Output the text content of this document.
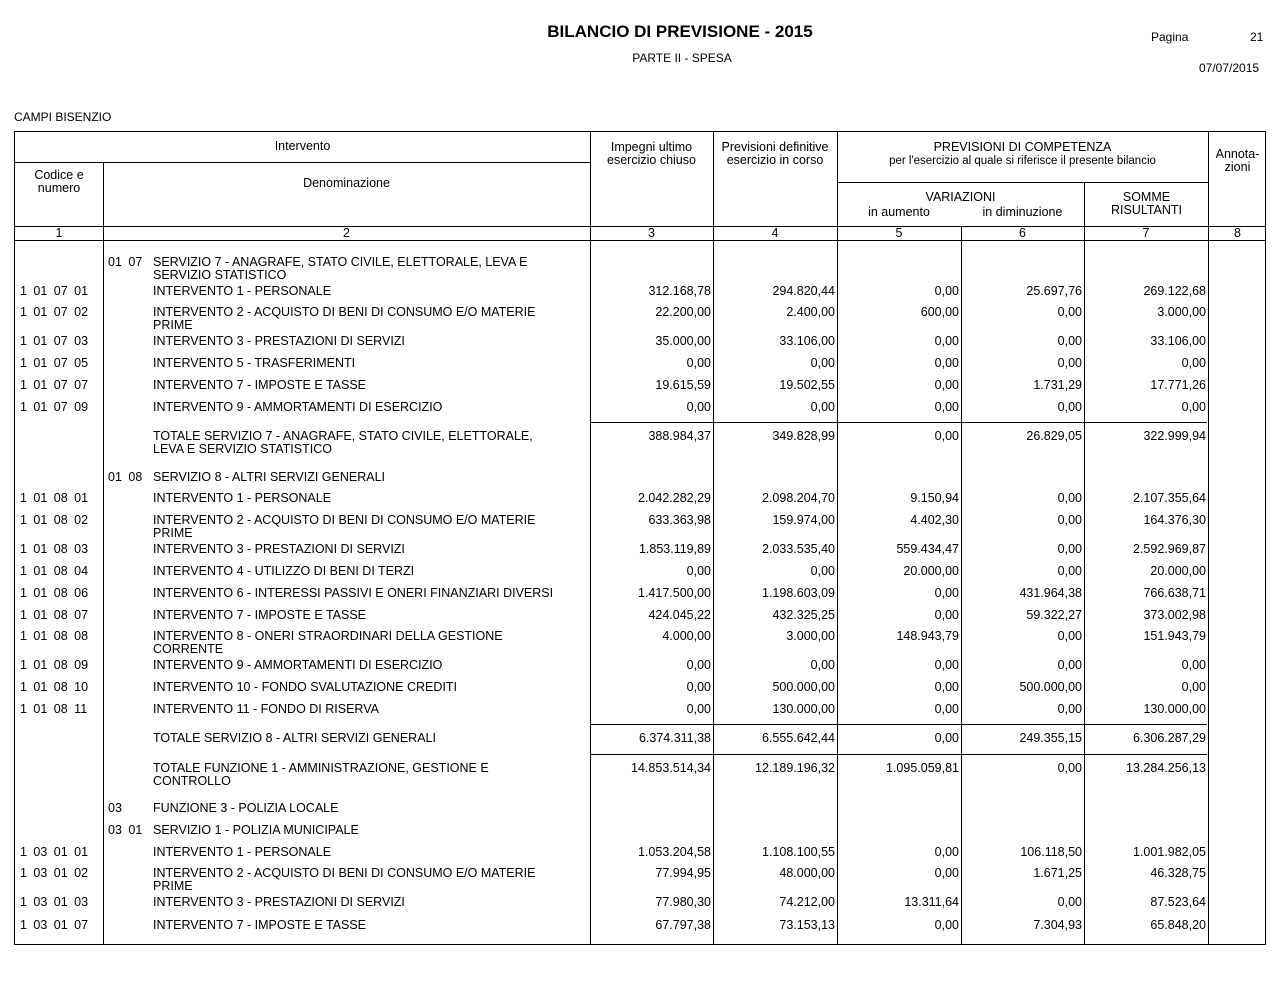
BILANCIO DI PREVISIONE - 2015
PARTE II - SPESA
Pagina	21
07/07/2015
CAMPI BISENZIO
Intervento
Codice e numero	Denominazione
Impegni ultimo esercizio chiuso
Previsioni definitive esercizio in corso
PREVISIONI DI COMPETENZA
per l'esercizio al quale si riferisce il presente bilancio
VARIAZIONI
in aumento	in diminuzione
SOMME RISULTANTI
Annota- zioni
1	2	3	4	5	6	7	8
01 07 SERVIZIO 7 - ANAGRAFE, STATO CIVILE, ELETTORALE, LEVA E SERVIZIO STATISTICO
1 01 07 01	INTERVENTO 1 - PERSONALE	312.168,78	294.820,44	0,00	25.697,76	269.122,68
1 01 07 02	INTERVENTO 2 - ACQUISTO DI BENI DI CONSUMO E/O MATERIE PRIME
22.200,00	2.400,00	600,00	0,00	3.000,00
1 01 07 03	INTERVENTO 3 - PRESTAZIONI DI SERVIZI	35.000,00	33.106,00	0,00	0,00	33.106,00
1 01 07 05	INTERVENTO 5 - TRASFERIMENTI	0,00	0,00	0,00	0,00	0,00
1 01 07 07	INTERVENTO 7 - IMPOSTE E TASSE	19.615,59	19.502,55	0,00	1.731,29	17.771,26
1 01 07 09	INTERVENTO 9 - AMMORTAMENTI DI ESERCIZIO	0,00	0,00	0,00	0,00	0,00
TOTALE SERVIZIO 7 - ANAGRAFE, STATO CIVILE, ELETTORALE, LEVA E SERVIZIO STATISTICO
388.984,37	349.828,99	0,00	26.829,05	322.999,94
01 08 SERVIZIO 8 - ALTRI SERVIZI GENERALI
1 01 08 01	INTERVENTO 1 - PERSONALE	2.042.282,29	2.098.204,70	9.150,94	0,00	2.107.355,64
1 01 08 02	INTERVENTO 2 - ACQUISTO DI BENI DI CONSUMO E/O MATERIE PRIME
633.363,98	159.974,00	4.402,30	0,00	164.376,30
1 01 08 03	INTERVENTO 3 - PRESTAZIONI DI SERVIZI	1.853.119,89	2.033.535,40	559.434,47	0,00	2.592.969,87
1 01 08 04	INTERVENTO 4 - UTILIZZO DI BENI DI TERZI	0,00	0,00	20.000,00	0,00	20.000,00
1 01 08 06	INTERVENTO 6 - INTERESSI PASSIVI E ONERI FINANZIARI DIVERSI	1.417.500,00	1.198.603,09	0,00	431.964,38	766.638,71
1 01 08 07	INTERVENTO 7 - IMPOSTE E TASSE	424.045,22	432.325,25	0,00	59.322,27	373.002,98
1 01 08 08	INTERVENTO 8 - ONERI STRAORDINARI DELLA GESTIONE CORRENTE
4.000,00	3.000,00	148.943,79	0,00	151.943,79
1 01 08 09	INTERVENTO 9 - AMMORTAMENTI DI ESERCIZIO	0,00	0,00	0,00	0,00	0,00
1 01 08 10	INTERVENTO 10 - FONDO SVALUTAZIONE CREDITI	0,00	500.000,00	0,00	500.000,00	0,00
1 01 08 11	INTERVENTO 11 - FONDO DI RISERVA	0,00	130.000,00	0,00	0,00	130.000,00
TOTALE SERVIZIO 8 - ALTRI SERVIZI GENERALI	6.374.311,38	6.555.642,44	0,00	249.355,15	6.306.287,29
TOTALE FUNZIONE 1 - AMMINISTRAZIONE, GESTIONE E CONTROLLO
14.853.514,34	12.189.196,32	1.095.059,81	0,00	13.284.256,13
03 FUNZIONE 3 - POLIZIA LOCALE
03 01 SERVIZIO 1 - POLIZIA MUNICIPALE
1 03 01 01	INTERVENTO 1 - PERSONALE	1.053.204,58	1.108.100,55	0,00	106.118,50	1.001.982,05
1 03 01 02	INTERVENTO 2 - ACQUISTO DI BENI DI CONSUMO E/O MATERIE PRIME
77.994,95	48.000,00	0,00	1.671,25	46.328,75
1 03 01 03	INTERVENTO 3 - PRESTAZIONI DI SERVIZI	77.980,30	74.212,00	13.311,64	0,00	87.523,64
1 03 01 07	INTERVENTO 7 - IMPOSTE E TASSE	67.797,38	73.153,13	0,00	7.304,93	65.848,20
